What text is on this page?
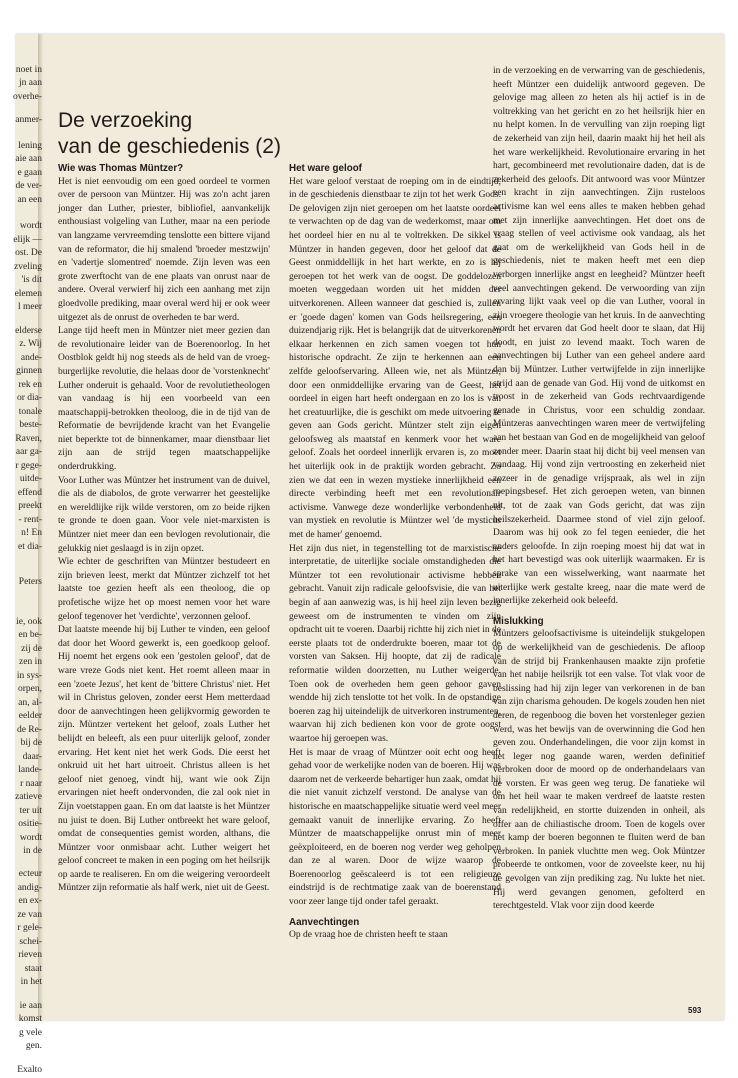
noet in
jn aan
overhe-
anmer-
lening
aie aan
e gaan
de ver-
an een
wordt
elijk —
ost. De
zveling
'is dit
elemen
l meer
elderse
z. Wij
ande-
ginnen
rek en
or dia-
tonale
beste-
Raven,
aar ga-
r gege-
uitde-
effend
preekt
- rent-
n! En
et dia-
Peters
ie, ook
en be-
zij de
zen in
in sys-
orpen,
an, al-
eelder
de Re-
bij de
daar-
lande-
r naar
zatieve
ter uit
ositie-
wordt
in de
ecteur
andig-
en ex-
ze van
r gele-
schei-
rieven
staat
in het
ie aan
komst
g vele
gen.
Exalto
De verzoeking
van de geschiedenis (2)
Wie was Thomas Müntzer?

Het is niet eenvoudig om een goed oordeel te vormen over de persoon van Müntzer. Hij was zo'n acht jaren jonger dan Luther, priester, bibliofiel, aanvankelijk enthousiast volgeling van Luther, maar na een periode van langzame vervreemding tenslotte een bittere vijand van de reformator, die hij smalend 'broeder mestzwijn' en 'vadertje slomentred' noemde. Zijn leven was een grote zwerftocht van de ene plaats van onrust naar de andere. Overal verwierf hij zich een aanhang met zijn gloedvolle prediking, maar overal werd hij er ook weer uitgezet als de onrust de overheden te bar werd.

Lange tijd heeft men in Müntzer niet meer gezien dan de revolutionaire leider van de Boerenoorlog. In het Oostblok geldt hij nog steeds als de held van de vroeg-burgerlijke revolutie, die helaas door de 'vorstenknecht' Luther onderuit is gehaald. Voor de revolutietheologen van vandaag is hij een voorbeeld van een maatschappij-betrokken theoloog, die in de tijd van de Reformatie de bevrijdende kracht van het Evangelie niet beperkte tot de binnenkamer, maar dienstbaar liet zijn aan de strijd tegen maatschappelijke onderdrukking.

Voor Luther was Müntzer het instrument van de duivel, die als de diabolos, de grote verwarrer het geestelijke en wereldlijke rijk wilde verstoren, om zo beide rijken te gronde te doen gaan. Voor vele niet-marxisten is Müntzer niet meer dan een bevlogen revolutionair, die gelukkig niet geslaagd is in zijn opzet.

Wie echter de geschriften van Müntzer bestudeert en zijn brieven leest, merkt dat Müntzer zichzelf tot het laatste toe gezien heeft als een theoloog, die op profetische wijze het op moest nemen voor het ware geloof tegenover het 'verdichte', verzonnen geloof.

Dat laatste meende hij bij Luther te vinden, een geloof dat door het Woord gewerkt is, een goedkoop geloof. Hij noemt het ergens ook een 'gestolen geloof', dat de ware vreze Gods niet kent. Het roemt alleen maar in een 'zoete Jezus', het kent de 'bittere Christus' niet. Het wil in Christus geloven, zonder eerst Hem metterdaad door de aanvechtingen heen gelijkvormig geworden te zijn. Müntzer vertekent het geloof, zoals Luther het belijdt en beleeft, als een puur uiterlijk geloof, zonder ervaring. Het kent niet het werk Gods. Die eerst het onkruid uit het hart uitroeit. Christus alleen is het geloof niet genoeg, vindt hij, want wie ook Zijn ervaringen niet heeft ondervonden, die zal ook niet in Zijn voetstappen gaan. En om dat laatste is het Müntzer nu juist te doen. Bij Luther ontbreekt het ware geloof, omdat de consequenties gemist worden, althans, die Müntzer voor onmisbaar acht. Luther weigert het geloof concreet te maken in een poging om het heilsrijk op aarde te realiseren. En om die weigering veroordeelt Müntzer zijn reformatie als half werk, niet uit de Geest.

Het ware geloof

Het ware geloof verstaat de roeping om in de eindtijd, in de geschiedenis dienstbaar te zijn tot het werk Gods. De gelovigen zijn niet geroepen om het laatste oordeel te verwachten op de dag van de wederkomst, maar om het oordeel hier en nu al te voltrekken. De sikkel is Müntzer in handen gegeven, door het geloof dat de Geest onmiddellijk in het hart werkte, en zo is hij geroepen tot het werk van de oogst. De goddelozen moeten weggedaan worden uit het midden der uitverkorenen. Alleen wanneer dat geschied is, zullen er 'goede dagen' komen van Gods heilsregering, een duizendjarig rijk. Het is belangrijk dat de uitverkorenen elkaar herkennen en zich samen voegen tot hun historische opdracht. Ze zijn te herkennen aan een zelfde geloofservaring. Alleen wie, net als Müntzer, door een onmiddellijke ervaring van de Geest, het oordeel in eigen hart heeft ondergaan en zo los is van het creatuurlijke, die is geschikt om mede uitvoering te geven aan Gods gericht. Müntzer stelt zijn eigen geloofsweg als maatstaf en kenmerk voor het ware geloof. Zoals het oordeel innerlijk ervaren is, zo moet het uiterlijk ook in de praktijk worden gebracht. Zo zien we dat een in wezen mystieke innerlijkheid een directe verbinding heeft met een revolutionair activisme. Vanwege deze wonderlijke verbondenheid van mystiek en revolutie is Müntzer wel 'de mysticus met de hamer' genoemd.

Het zijn dus niet, in tegenstelling tot de marxistische interpretatie, de uiterlijke sociale omstandigheden die Müntzer tot een revolutionair activisme hebben gebracht. Vanuit zijn radicale geloofsvisie, die van het begin af aan aanwezig was, is hij heel zijn leven bezig geweest om de instrumenten te vinden om zijn opdracht uit te voeren. Daarbij richtte hij zich niet in de eerste plaats tot de onderdrukte boeren, maar tot de vorsten van Saksen. Hij hoopte, dat zij de radicale reformatie wilden doorzetten, nu Luther weigerde. Toen ook de overheden hem geen gehoor gaven wendde hij zich tenslotte tot het volk. In de opstandige boeren zag hij uiteindelijk de uitverkoren instrumenten, waarvan hij zich bedienen kon voor de grote oogst waartoe hij geroepen was.

Het is maar de vraag of Müntzer ooit echt oog heeft gehad voor de werkelijke noden van de boeren. Hij was daarom net de verkeerde behartiger hun zaak, omdat hij die niet vanuit zichzelf verstond. De analyse van de historische en maatschappelijke situatie werd veel meer gemaakt vanuit de innerlijke ervaring. Zo heeft Müntzer de maatschappelijke onrust min of meer geëxploiteerd, en de boeren nog verder weg geholpen dan ze al waren. Door de wijze waarop de Boerenoorlog geëscaleerd is tot een religieuze eindstrijd is de rechtmatige zaak van de boerenstand voor zeer lange tijd onder tafel geraakt.

Aanvechtingen

Op de vraag hoe de christen heeft te staan

in de verzoeking en de verwarring van de geschiedenis, heeft Müntzer een duidelijk antwoord gegeven. De gelovige mag alleen zo heten als hij actief is in de voltrekking van het gericht en zo het heilsrijk hier en nu helpt komen. In de vervulling van zijn roeping ligt de zekerheid van zijn heil, daarin maakt hij het heil als het ware werkelijkheid. Revolutionaire ervaring in het hart, gecombineerd met revolutionaire daden, dat is de zekerheid des geloofs. Dit antwoord was voor Müntzer een kracht in zijn aanvechtingen. Zijn rusteloos activisme kan wel eens alles te maken hebben gehad met zijn innerlijke aanvechtingen. Het doet ons de vraag stellen of veel activisme ook vandaag, als het gaat om de werkelijkheid van Gods heil in de geschiedenis, niet te maken heeft met een diep verborgen innerlijke angst en leegheid? Müntzer heeft veel aanvechtingen gekend. De verwoording van zijn ervaring lijkt vaak veel op die van Luther, vooral in zijn vroegere theologie van het kruis. In de aanvechting wordt het ervaren dat God heelt door te slaan, dat Hij doodt, en juist zo levend maakt. Toch waren de aanvechtingen bij Luther van een geheel andere aard dan bij Müntzer. Luther vertwijfelde in zijn innerlijke strijd aan de genade van God. Hij vond de uitkomst en troost in de zekerheid van Gods rechtvaardigende genade in Christus, voor een schuldig zondaar. Müntzeras aanvechtingen waren meer de vertwijfeling aan het bestaan van God en de mogelijkheid van geloof zonder meer. Daarin staat hij dicht bij veel mensen van vandaag. Hij vond zijn vertroosting en zekerheid niet zozeer in de genadige vrijspraak, als wel in zijn roepingsbesef. Het zich geroepen weten, van binnen uit, tot de zaak van Gods gericht, dat was zijn heilszekerheid. Daarmee stond of viel zijn geloof. Daarom was hij ook zo fel tegen eenieder, die het anders geloofde. In zijn roeping moest hij dat wat in het hart bevestigd was ook uiterlijk waarmaken. Er is sprake van een wisselwerking, want naarmate het uiterlijke werk gestalte kreeg, naar die mate werd de innerlijke zekerheid ook beleefd.

Mislukking

Müntzers geloofsactivisme is uiteindelijk stukgelopen op de werkelijkheid van de geschiedenis. De afloop van de strijd bij Frankenhausen maakte zijn profetie van het nabije heilsrijk tot een valse. Tot vlak voor de beslissing had hij zijn leger van verkorenen in de ban van zijn charisma gehouden. De kogels zouden hen niet deren, de regenboog die boven het vorstenleger gezien werd, was het bewijs van de overwinning die God hen geven zou. Onderhandelingen, die voor zijn komst in het leger nog gaande waren, werden definitief verbroken door de moord op de onderhandelaars van de vorsten. Er was geen weg terug. De fanatieke wil om het heil waar te maken verdreef de laatste resten van redelijkheid, en stortte duizenden in onheil, als offer aan de chiliastische droom. Toen de kogels over het kamp der boeren begonnen te fluiten werd de ban verbroken. In paniek vluchtte men weg. Ook Müntzer probeerde te ontkomen, voor de zoveelste keer, nu hij de gevolgen van zijn prediking zag. Nu lukte het niet. Hij werd gevangen genomen, gefolterd en terechtgesteld. Vlak voor zijn dood keerde

593
